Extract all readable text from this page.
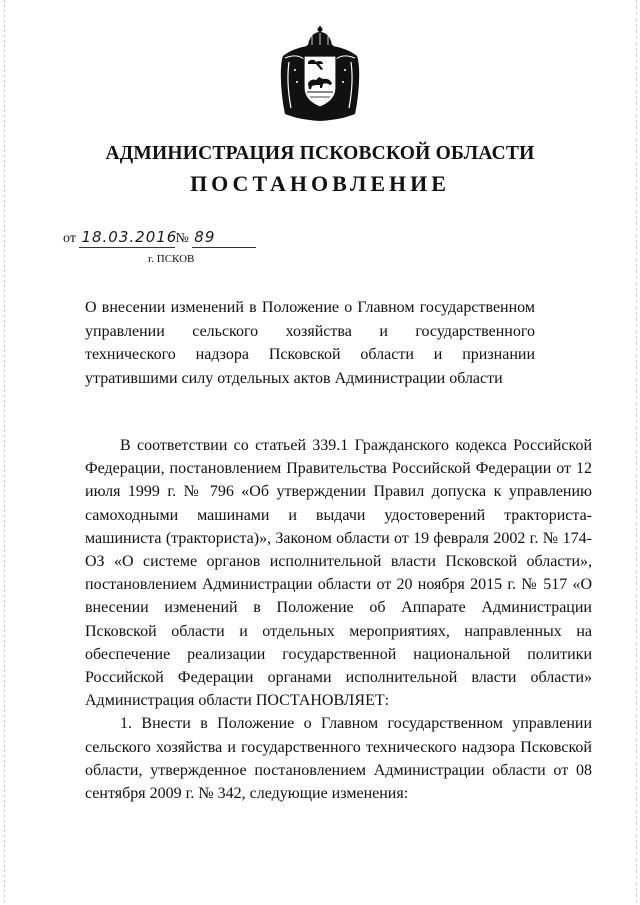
АДМИНИСТРАЦИЯ ПСКОВСКОЙ ОБЛАСТИ
ПОСТАНОВЛЕНИЕ
от 18.03.2016№ 89
г. ПСКОВ

О внесении изменений в Положение о Главном государственном управлении сельского хозяйства и государственного технического надзора Псковской области и признании утратившими силу отдельных актов Администрации области

В соответствии со статьей 339.1 Гражданского кодекса Российской Федерации, постановлением Правительства Российской Федерации от 12 июля 1999 г. № 796 «Об утверждении Правил допуска к управлению самоходными машинами и выдачи удостоверений тракториста-машиниста (тракториста)», Законом области от 19 февраля 2002 г. № 174-ОЗ «О системе органов исполнительной власти Псковской области», постановлением Администрации области от 20 ноября 2015 г. № 517 «О внесении изменений в Положение об Аппарате Администрации Псковской области и отдельных мероприятиях, направленных на обеспечение реализации государственной национальной политики Российской Федерации органами исполнительной власти области» Администрация области ПОСТАНОВЛЯЕТ:

1. Внести в Положение о Главном государственном управлении сельского хозяйства и государственного технического надзора Псковской области, утвержденное постановлением Администрации области от 08 сентября 2009 г. № 342, следующие изменения:
